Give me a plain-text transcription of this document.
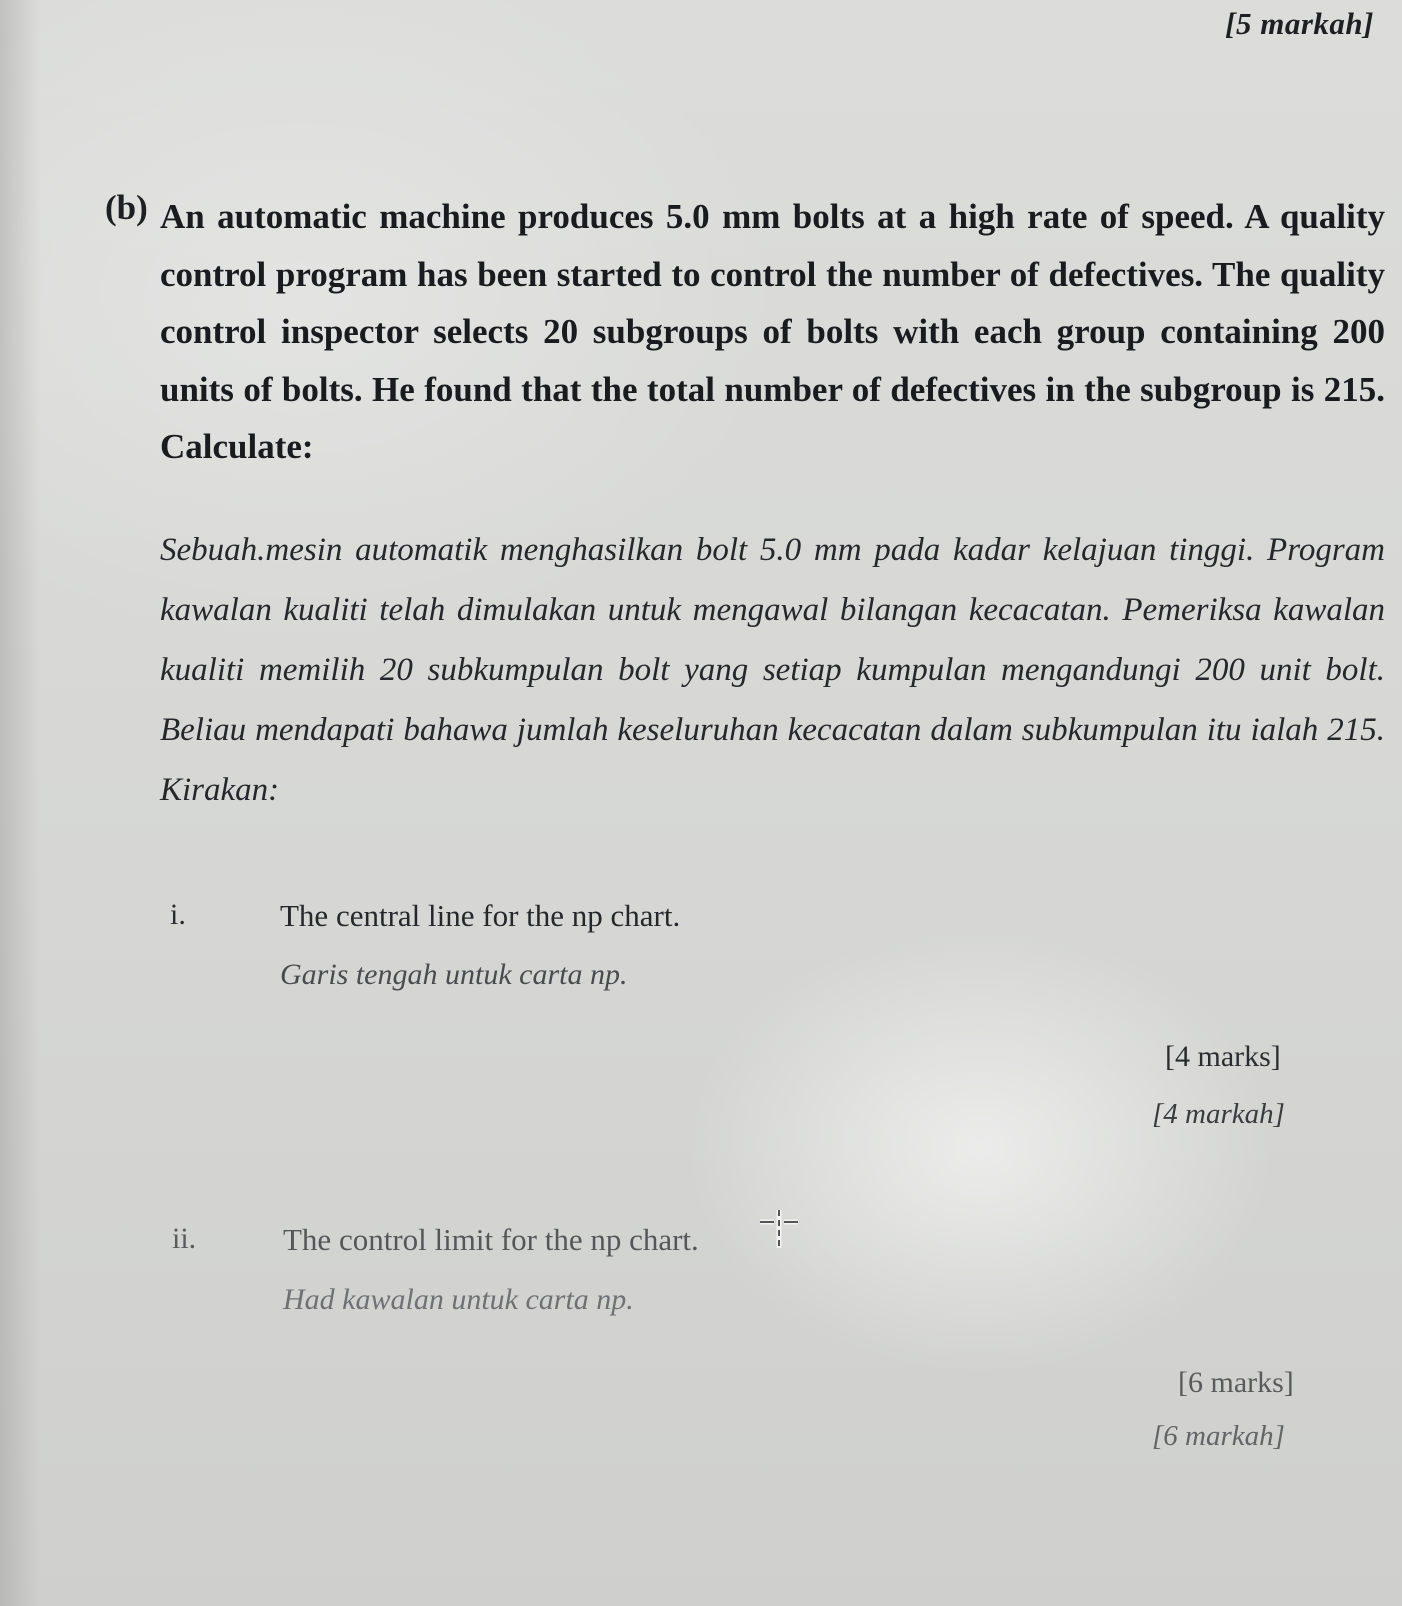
[5 markah]
(b) An automatic machine produces 5.0 mm bolts at a high rate of speed. A quality control program has been started to control the number of defectives. The quality control inspector selects 20 subgroups of bolts with each group containing 200 units of bolts. He found that the total number of defectives in the subgroup is 215. Calculate:
Sebuah.mesin automatik menghasilkan bolt 5.0 mm pada kadar kelajuan tinggi. Program kawalan kualiti telah dimulakan untuk mengawal bilangan kecacatan. Pemeriksa kawalan kualiti memilih 20 subkumpulan bolt yang setiap kumpulan mengandungi 200 unit bolt. Beliau mendapati bahawa jumlah keseluruhan kecacatan dalam subkumpulan itu ialah 215. Kirakan:
i.	The central line for the np chart.
Garis tengah untuk carta np.
[4 marks]
[4 markah]
ii.	The control limit for the np chart.
Had kawalan untuk carta np.
[6 marks]
[6 markah]
